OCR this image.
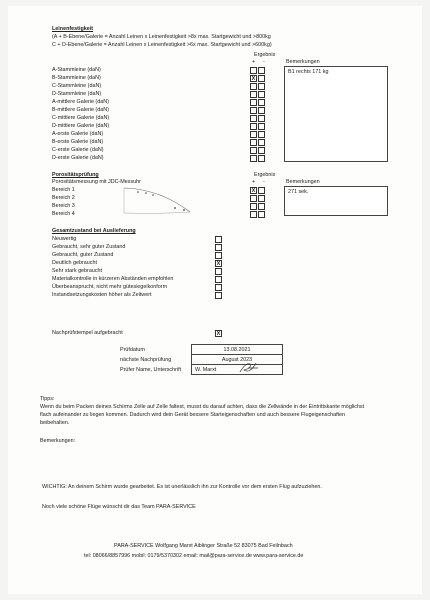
Leinenfestigkeit
(A + B-Ebene/Galerie = Anzahl Leinen x Leinenfestigkeit >8x max. Startgewicht und >800kg
C + D-Ebene/Galerie = Anzahl Leinen x Leinenfestigkeit >6x max. Startgewicht und >600kg)
Ergebnis
+ -	Bemerkungen
A-Stammleine (daN)
B-Stammleine (daN)	X
C-Stammleine (daN)
D-Stammleine (daN)
A-mittlere Galerie (daN)
B-mittlere Galerie (daN)
C-mittlere Galerie (daN)
D-mittlere Galerie (daN)
A-erste Galerie (daN)
B-erste Galerie (daN)
C-erste Galerie (daN)
D-erste Galerie (daN)
B1 rechts 171 kg
Porositätsprüfung
Porositätsmessung mit JDC-Messuhr
Ergebnis
+ -	Bemerkungen
Bereich 1	X
Bereich 2
Bereich 3
Bereich 4
271 sek.
Gesamtzustand bei Auslieferung
Neuwertig
Gebraucht, sehr guter Zustand
Gebraucht, guter Zustand
Deutlich gebraucht	X
Sehr stark gebraucht
Materialkontrolle in kürzeren Abständen empfohlen
Überbeansprucht, nicht mehr gütesiegelkonform
Instandsetzungskosten höher als Zeitwert
Nachprüfstempel aufgebracht	X
Prüfdatum	13.08.2021
nächste Nachprüfung	August 2023
Prüfer Name, Unterschrift	W. Marxt
Tipps:
Wenn du beim Packen deines Schirms Zelle auf Zelle faltest, musst du darauf achten, dass die Zellwände in der Eintrittskante möglichst
flach aufeinander zu liegen kommen. Dadurch wird dein Gerät bessere Starteigenschaften und auch bessere Flugeigenschaften
beibehalten.
Bemerkungen:
WICHTIG: An deinem Schirm wurde gearbeitet. Es ist unerlässlich ihn zur Kontrolle vor dem ersten Flug aufzuziehen.
Noch viele schöne Flüge wünscht dir das Team PARA-SERVICE
PARA-SERVICE Wolfgang Marxt Aiblinger Straße 52 83075 Bad Feilnbach
tel: 08066/8857996 mobil: 0179/5370302 email: mail@para-service.de www.para-service.de
